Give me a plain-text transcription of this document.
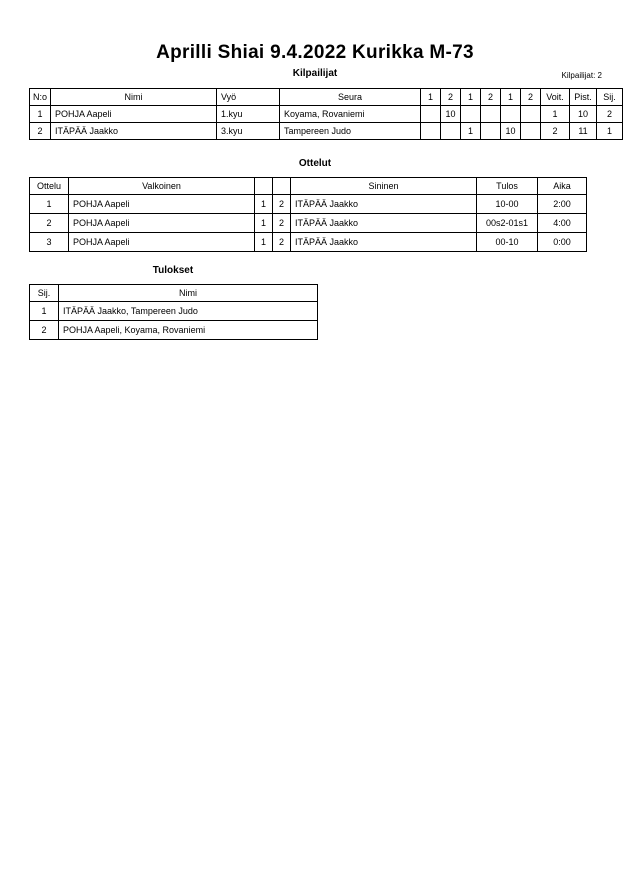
Aprilli Shiai 9.4.2022 Kurikka M-73
Kilpailijat	Kilpailijat: 2
N:o	Nimi	Vyö	Seura	1	2	1	2	1	2	Voit.	Pist.	Sij.
1	POHJA Aapeli	1.kyu	Koyama, Rovaniemi		10					1	10	2
2	ITÄPÄÄ Jaakko	3.kyu	Tampereen Judo			1		10		2	11	1
Ottelut
Ottelu	Valkoinen			Sininen	Tulos	Aika
1	POHJA Aapeli	1	2	ITÄPÄÄ Jaakko	10-00	2:00
2	POHJA Aapeli	1	2	ITÄPÄÄ Jaakko	00s2-01s1	4:00
3	POHJA Aapeli	1	2	ITÄPÄÄ Jaakko	00-10	0:00
Tulokset
Sij.	Nimi
1	ITÄPÄÄ Jaakko, Tampereen Judo
2	POHJA Aapeli, Koyama, Rovaniemi
